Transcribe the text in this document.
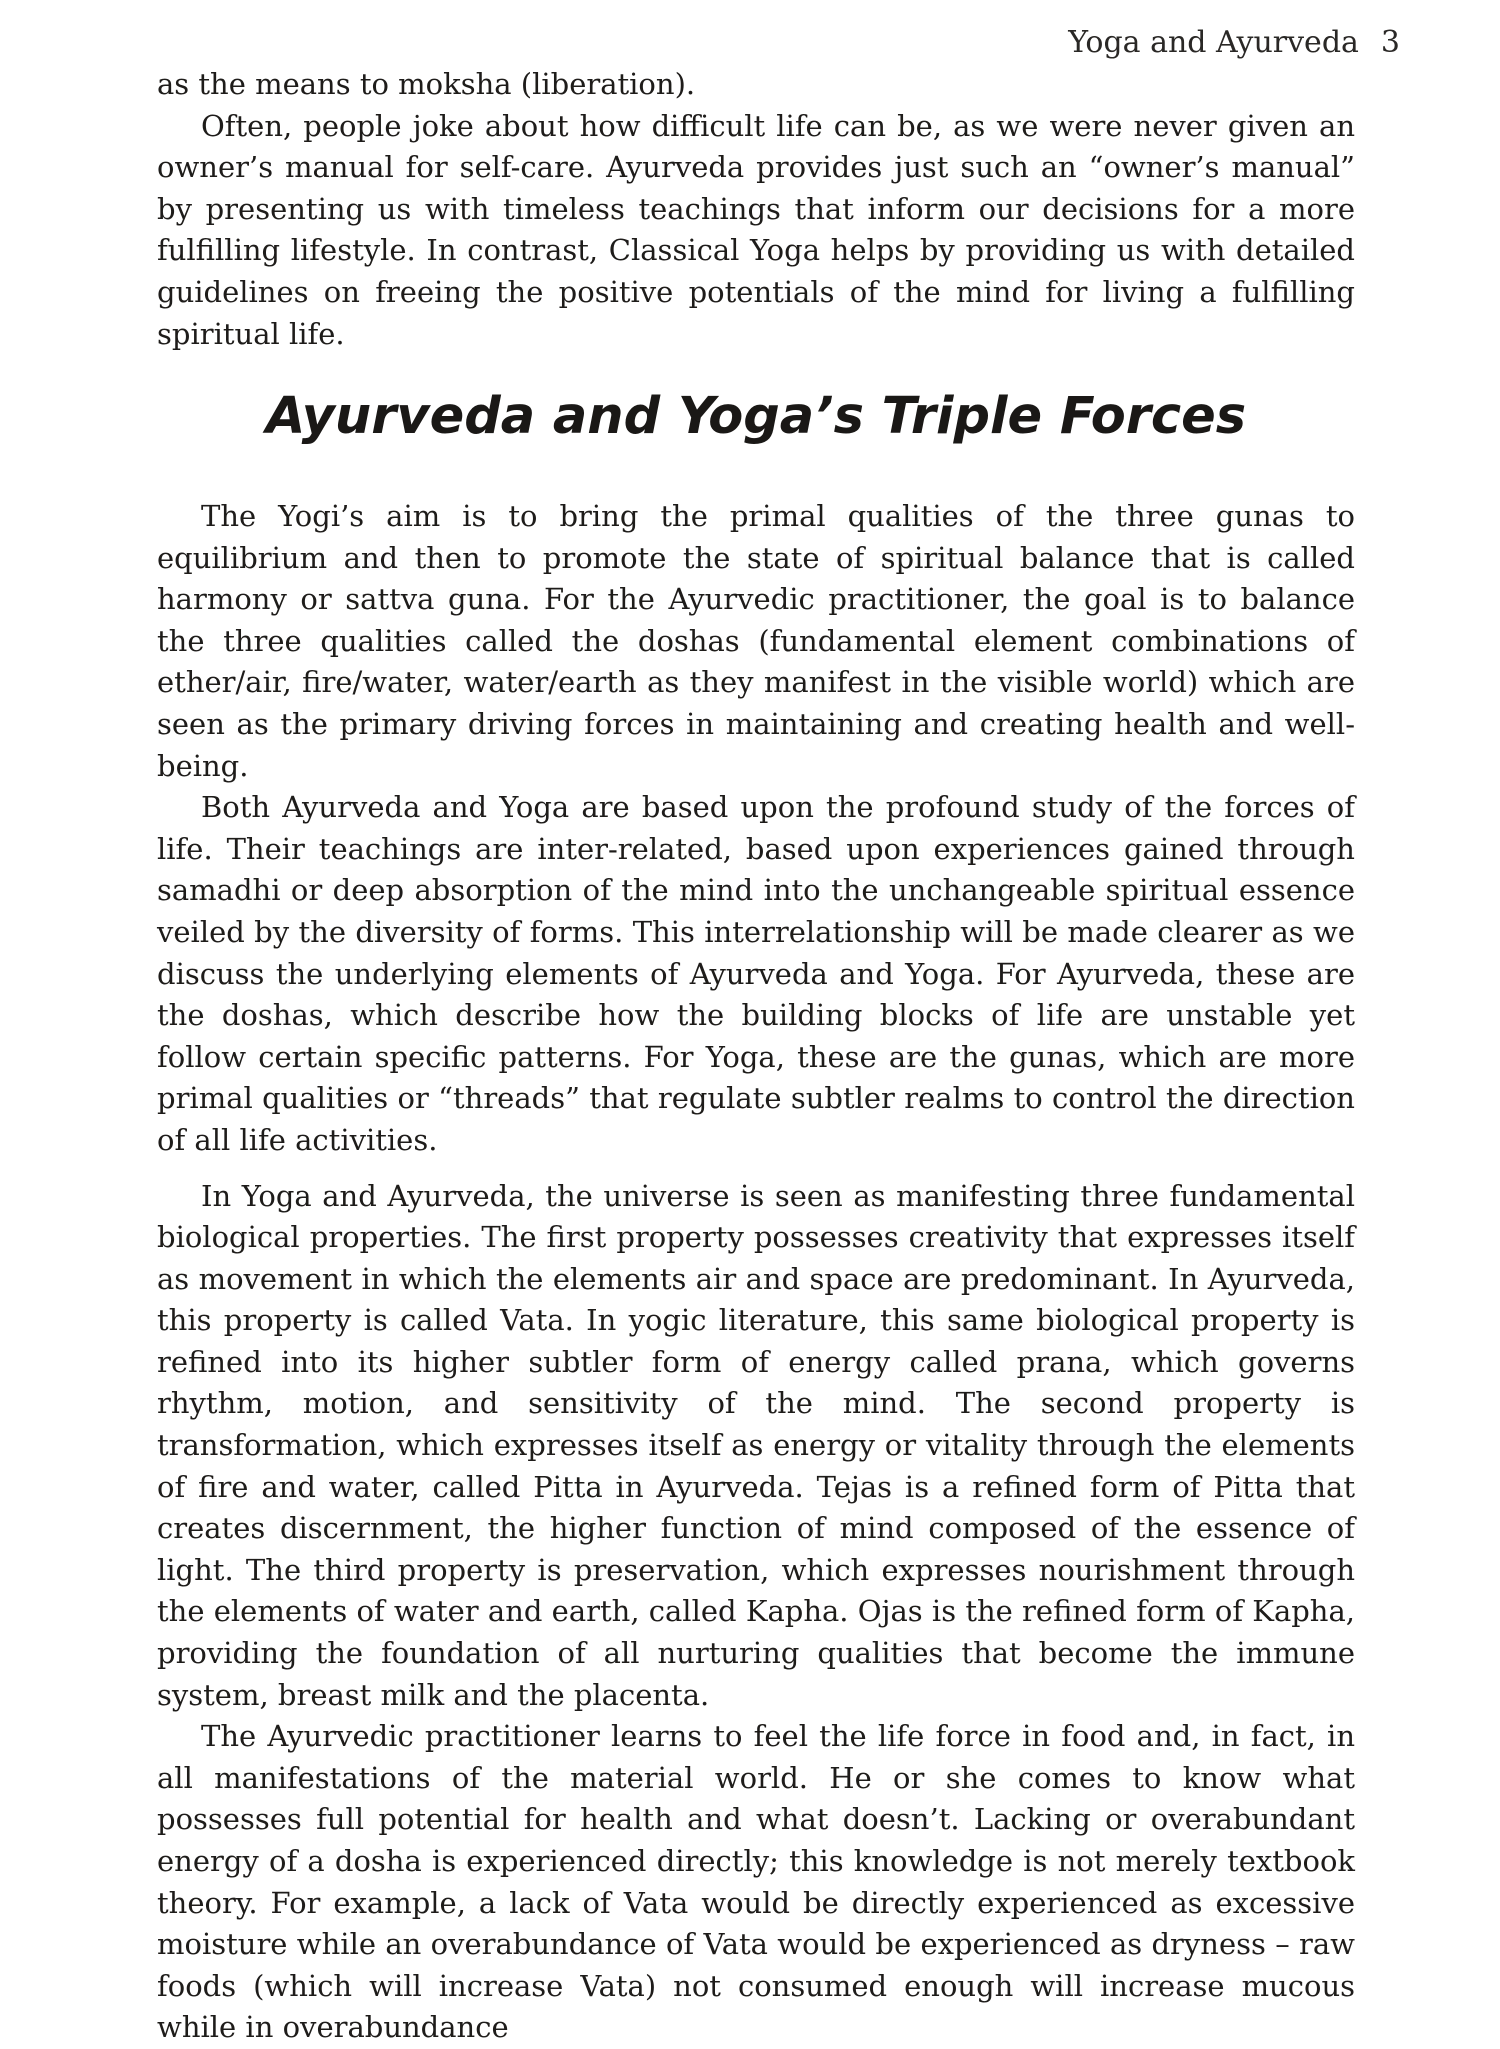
Yoga and Ayurveda 3

as the means to moksha (liberation).

Often, people joke about how difficult life can be, as we were never given an owner’s manual for self-care. Ayurveda provides just such an “owner’s manual” by presenting us with timeless teachings that inform our decisions for a more fulfilling lifestyle. In contrast, Classical Yoga helps by providing us with detailed guidelines on freeing the positive potentials of the mind for living a fulfilling spiritual life.

Ayurveda and Yoga’s Triple Forces

The Yogi’s aim is to bring the primal qualities of the three gunas to equilibrium and then to promote the state of spiritual balance that is called harmony or sattva guna. For the Ayurvedic practitioner, the goal is to balance the three qualities called the doshas (fundamental element combinations of ether/air, fire/water, water/earth as they manifest in the visible world) which are seen as the primary driving forces in maintaining and creating health and well-being.

Both Ayurveda and Yoga are based upon the profound study of the forces of life. Their teachings are inter-related, based upon experiences gained through samadhi or deep absorption of the mind into the unchangeable spiritual essence veiled by the diversity of forms. This interrelationship will be made clearer as we discuss the underlying elements of Ayurveda and Yoga. For Ayurveda, these are the doshas, which describe how the building blocks of life are unstable yet follow certain specific patterns. For Yoga, these are the gunas, which are more primal qualities or “threads” that regulate subtler realms to control the direction of all life activities.

In Yoga and Ayurveda, the universe is seen as manifesting three fundamental biological properties. The first property possesses creativity that expresses itself as movement in which the elements air and space are predominant. In Ayurveda, this property is called Vata. In yogic literature, this same biological property is refined into its higher subtler form of energy called prana, which governs rhythm, motion, and sensitivity of the mind. The second property is transformation, which expresses itself as energy or vitality through the elements of fire and water, called Pitta in Ayurveda. Tejas is a refined form of Pitta that creates discernment, the higher function of mind composed of the essence of light. The third property is preservation, which expresses nourishment through the elements of water and earth, called Kapha. Ojas is the refined form of Kapha, providing the foundation of all nurturing qualities that become the immune system, breast milk and the placenta.

The Ayurvedic practitioner learns to feel the life force in food and, in fact, in all manifestations of the material world. He or she comes to know what possesses full potential for health and what doesn’t. Lacking or overabundant energy of a dosha is experienced directly; this knowledge is not merely textbook theory. For example, a lack of Vata would be directly experienced as excessive moisture while an overabundance of Vata would be experienced as dryness – raw foods (which will increase Vata) not consumed enough will increase mucous while in overabundance
